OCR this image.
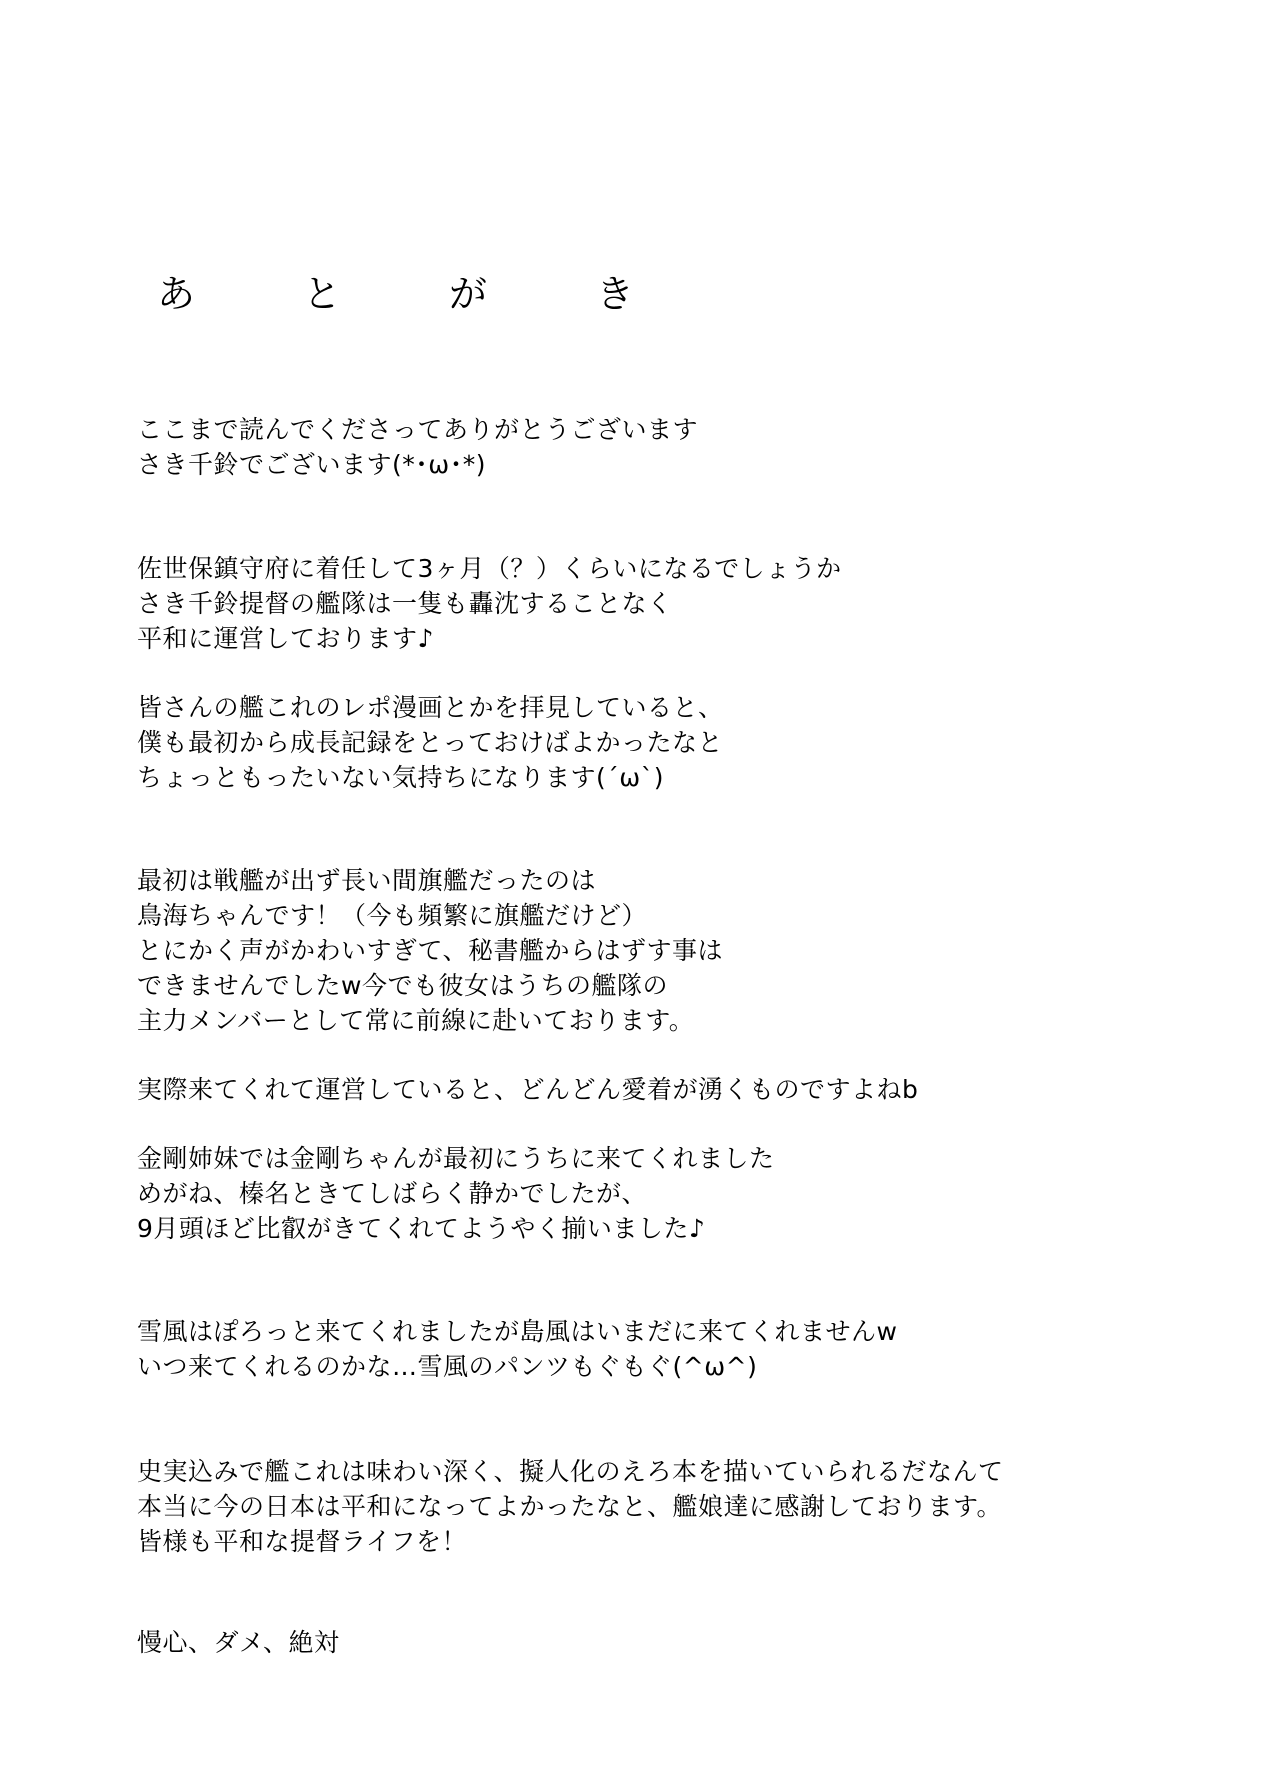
あ	と	が	き
ここまで読んでくださってありがとうございます
さき千鈴でございます(*･ω･*)
佐世保鎮守府に着任して3ヶ月（？）くらいになるでしょうか
さき千鈴提督の艦隊は一隻も轟沈することなく
平和に運営しております♪
皆さんの艦これのレポ漫画とかを拝見していると、
僕も最初から成長記録をとっておけばよかったなと
ちょっともったいない気持ちになります(´ω`)
最初は戦艦が出ず長い間旗艦だったのは
鳥海ちゃんです！（今も頻繁に旗艦だけど）
とにかく声がかわいすぎて、秘書艦からはずす事は
できませんでしたw今でも彼女はうちの艦隊の
主力メンバーとして常に前線に赴いております。
実際来てくれて運営していると、どんどん愛着が湧くものですよねb
金剛姉妹では金剛ちゃんが最初にうちに来てくれました
めがね、榛名ときてしばらく静かでしたが、
9月頭ほど比叡がきてくれてようやく揃いました♪
雪風はぽろっと来てくれましたが島風はいまだに来てくれませんw
いつ来てくれるのかな…雪風のパンツもぐもぐ(^ω^)
史実込みで艦これは味わい深く、擬人化のえろ本を描いていられるだなんて
本当に今の日本は平和になってよかったなと、艦娘達に感謝しております。
皆様も平和な提督ライフを！
慢心、ダメ、絶対
